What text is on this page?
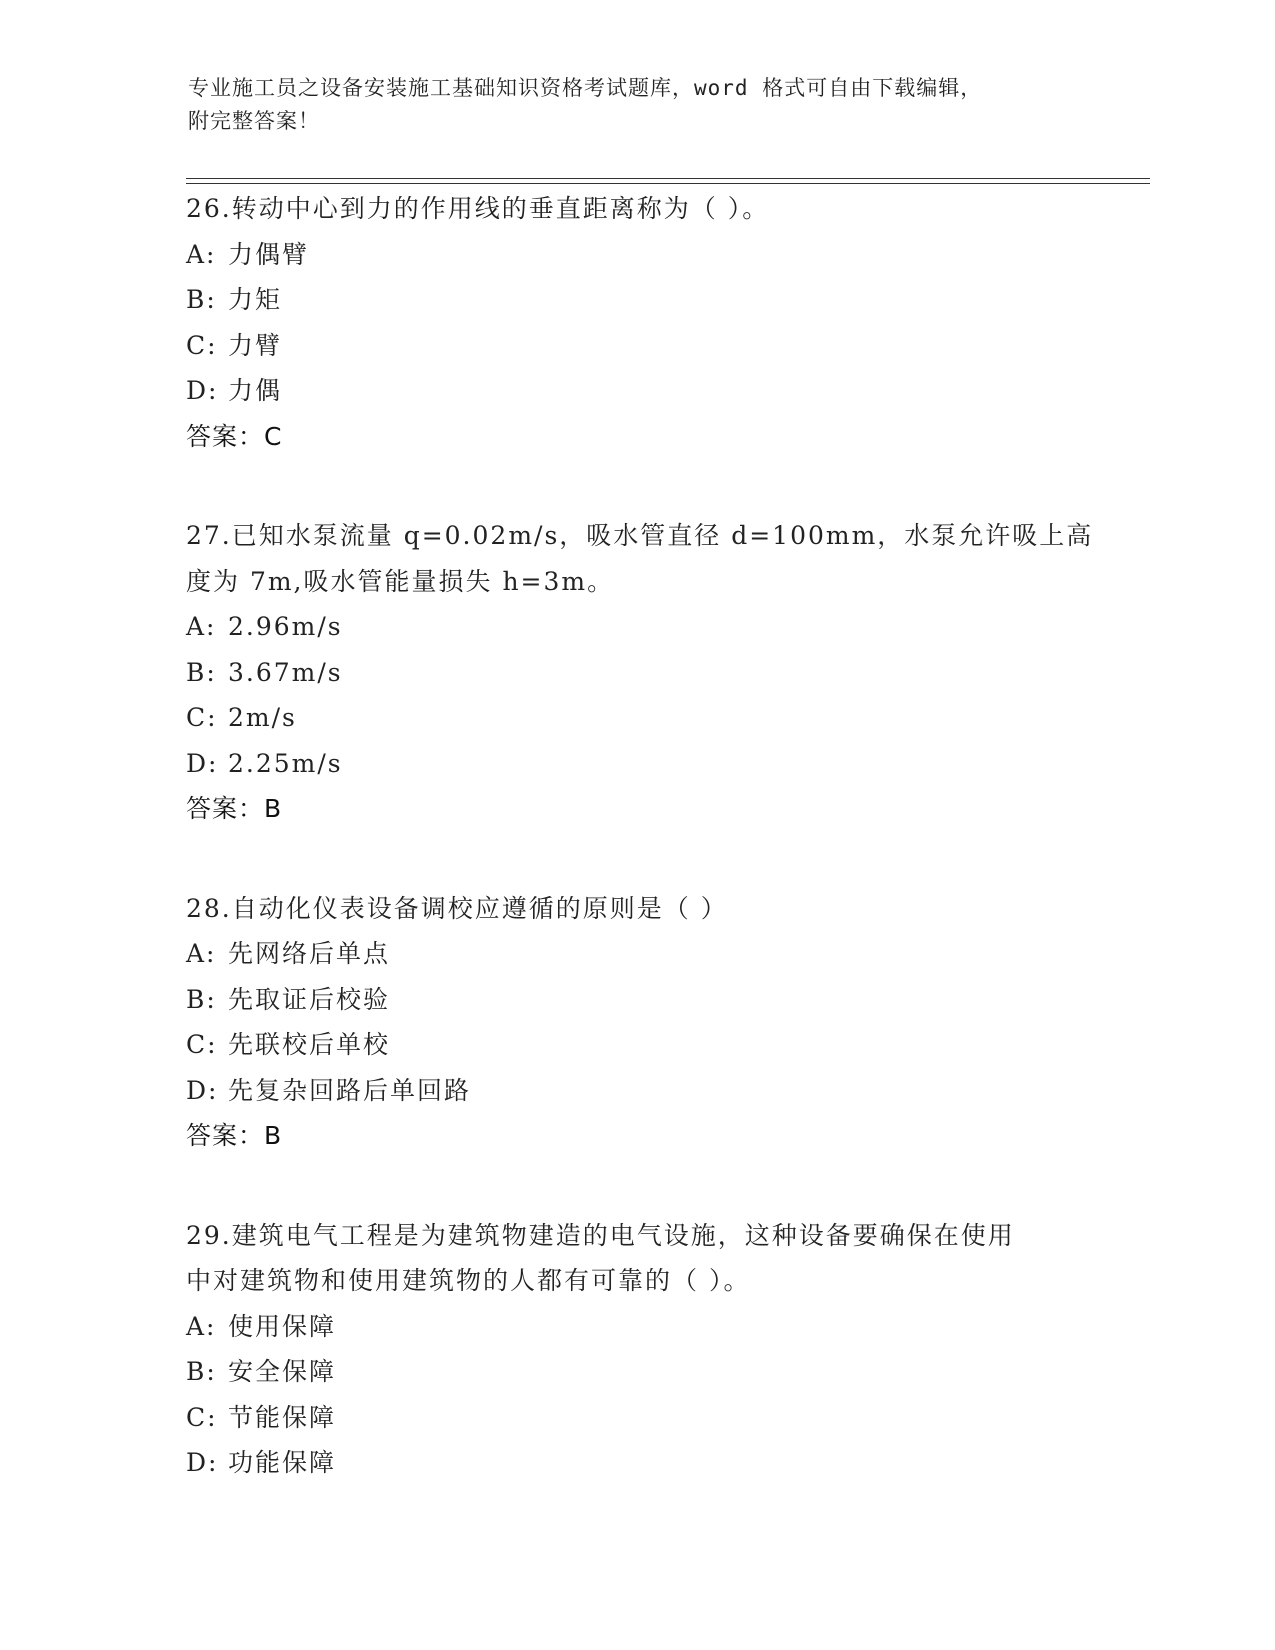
专业施工员之设备安装施工基础知识资格考试题库，word 格式可自由下载编辑，
附完整答案！

26.转动中心到力的作用线的垂直距离称为（ ）。

A: 力偶臂

B: 力矩

C: 力臂

D: 力偶

答案：C

27.已知水泵流量 q=0.02m/s，吸水管直径 d=100mm，水泵允许吸上高

度为 7m,吸水管能量损失 h=3m。

A: 2.96m/s

B: 3.67m/s

C: 2m/s

D: 2.25m/s

答案：B

28.自动化仪表设备调校应遵循的原则是（ ）

A: 先网络后单点

B: 先取证后校验

C: 先联校后单校

D: 先复杂回路后单回路

答案：B

29.建筑电气工程是为建筑物建造的电气设施，这种设备要确保在使用

中对建筑物和使用建筑物的人都有可靠的（ ）。

A: 使用保障

B: 安全保障

C: 节能保障

D: 功能保障
